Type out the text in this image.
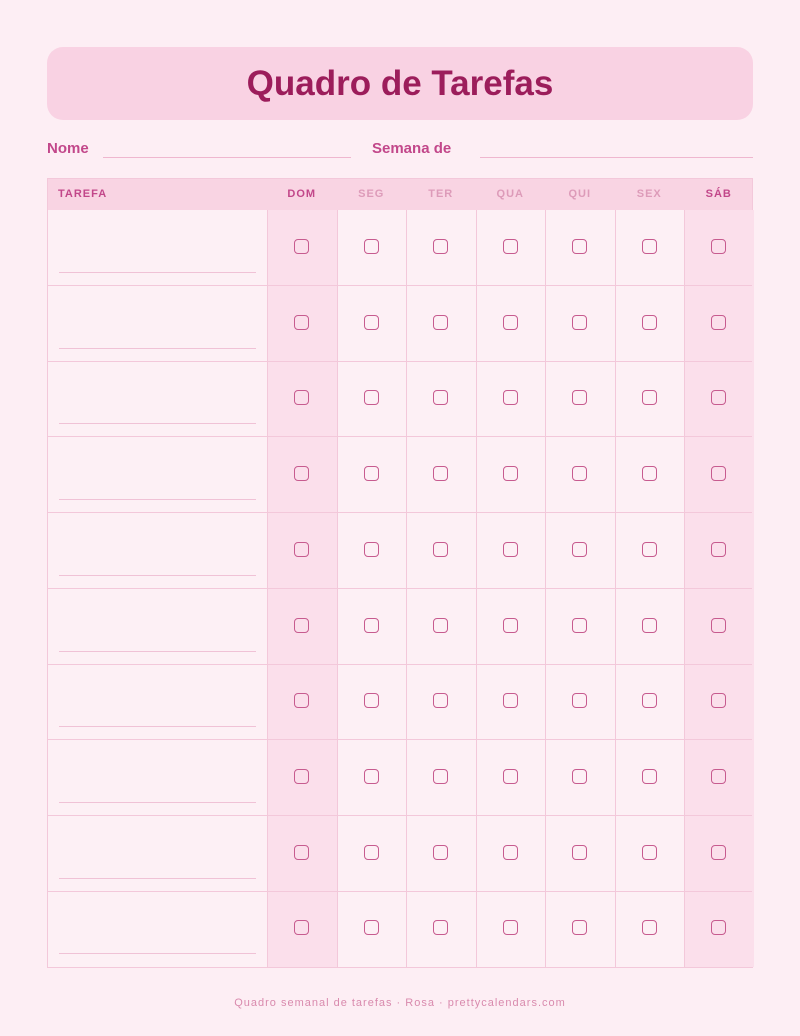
Quadro de Tarefas
Nome	Semana de
TAREFA	DOM	SEG	TER	QUA	QUI	SEX	SÁB
Quadro semanal de tarefas · Rosa · prettycalendars.com
